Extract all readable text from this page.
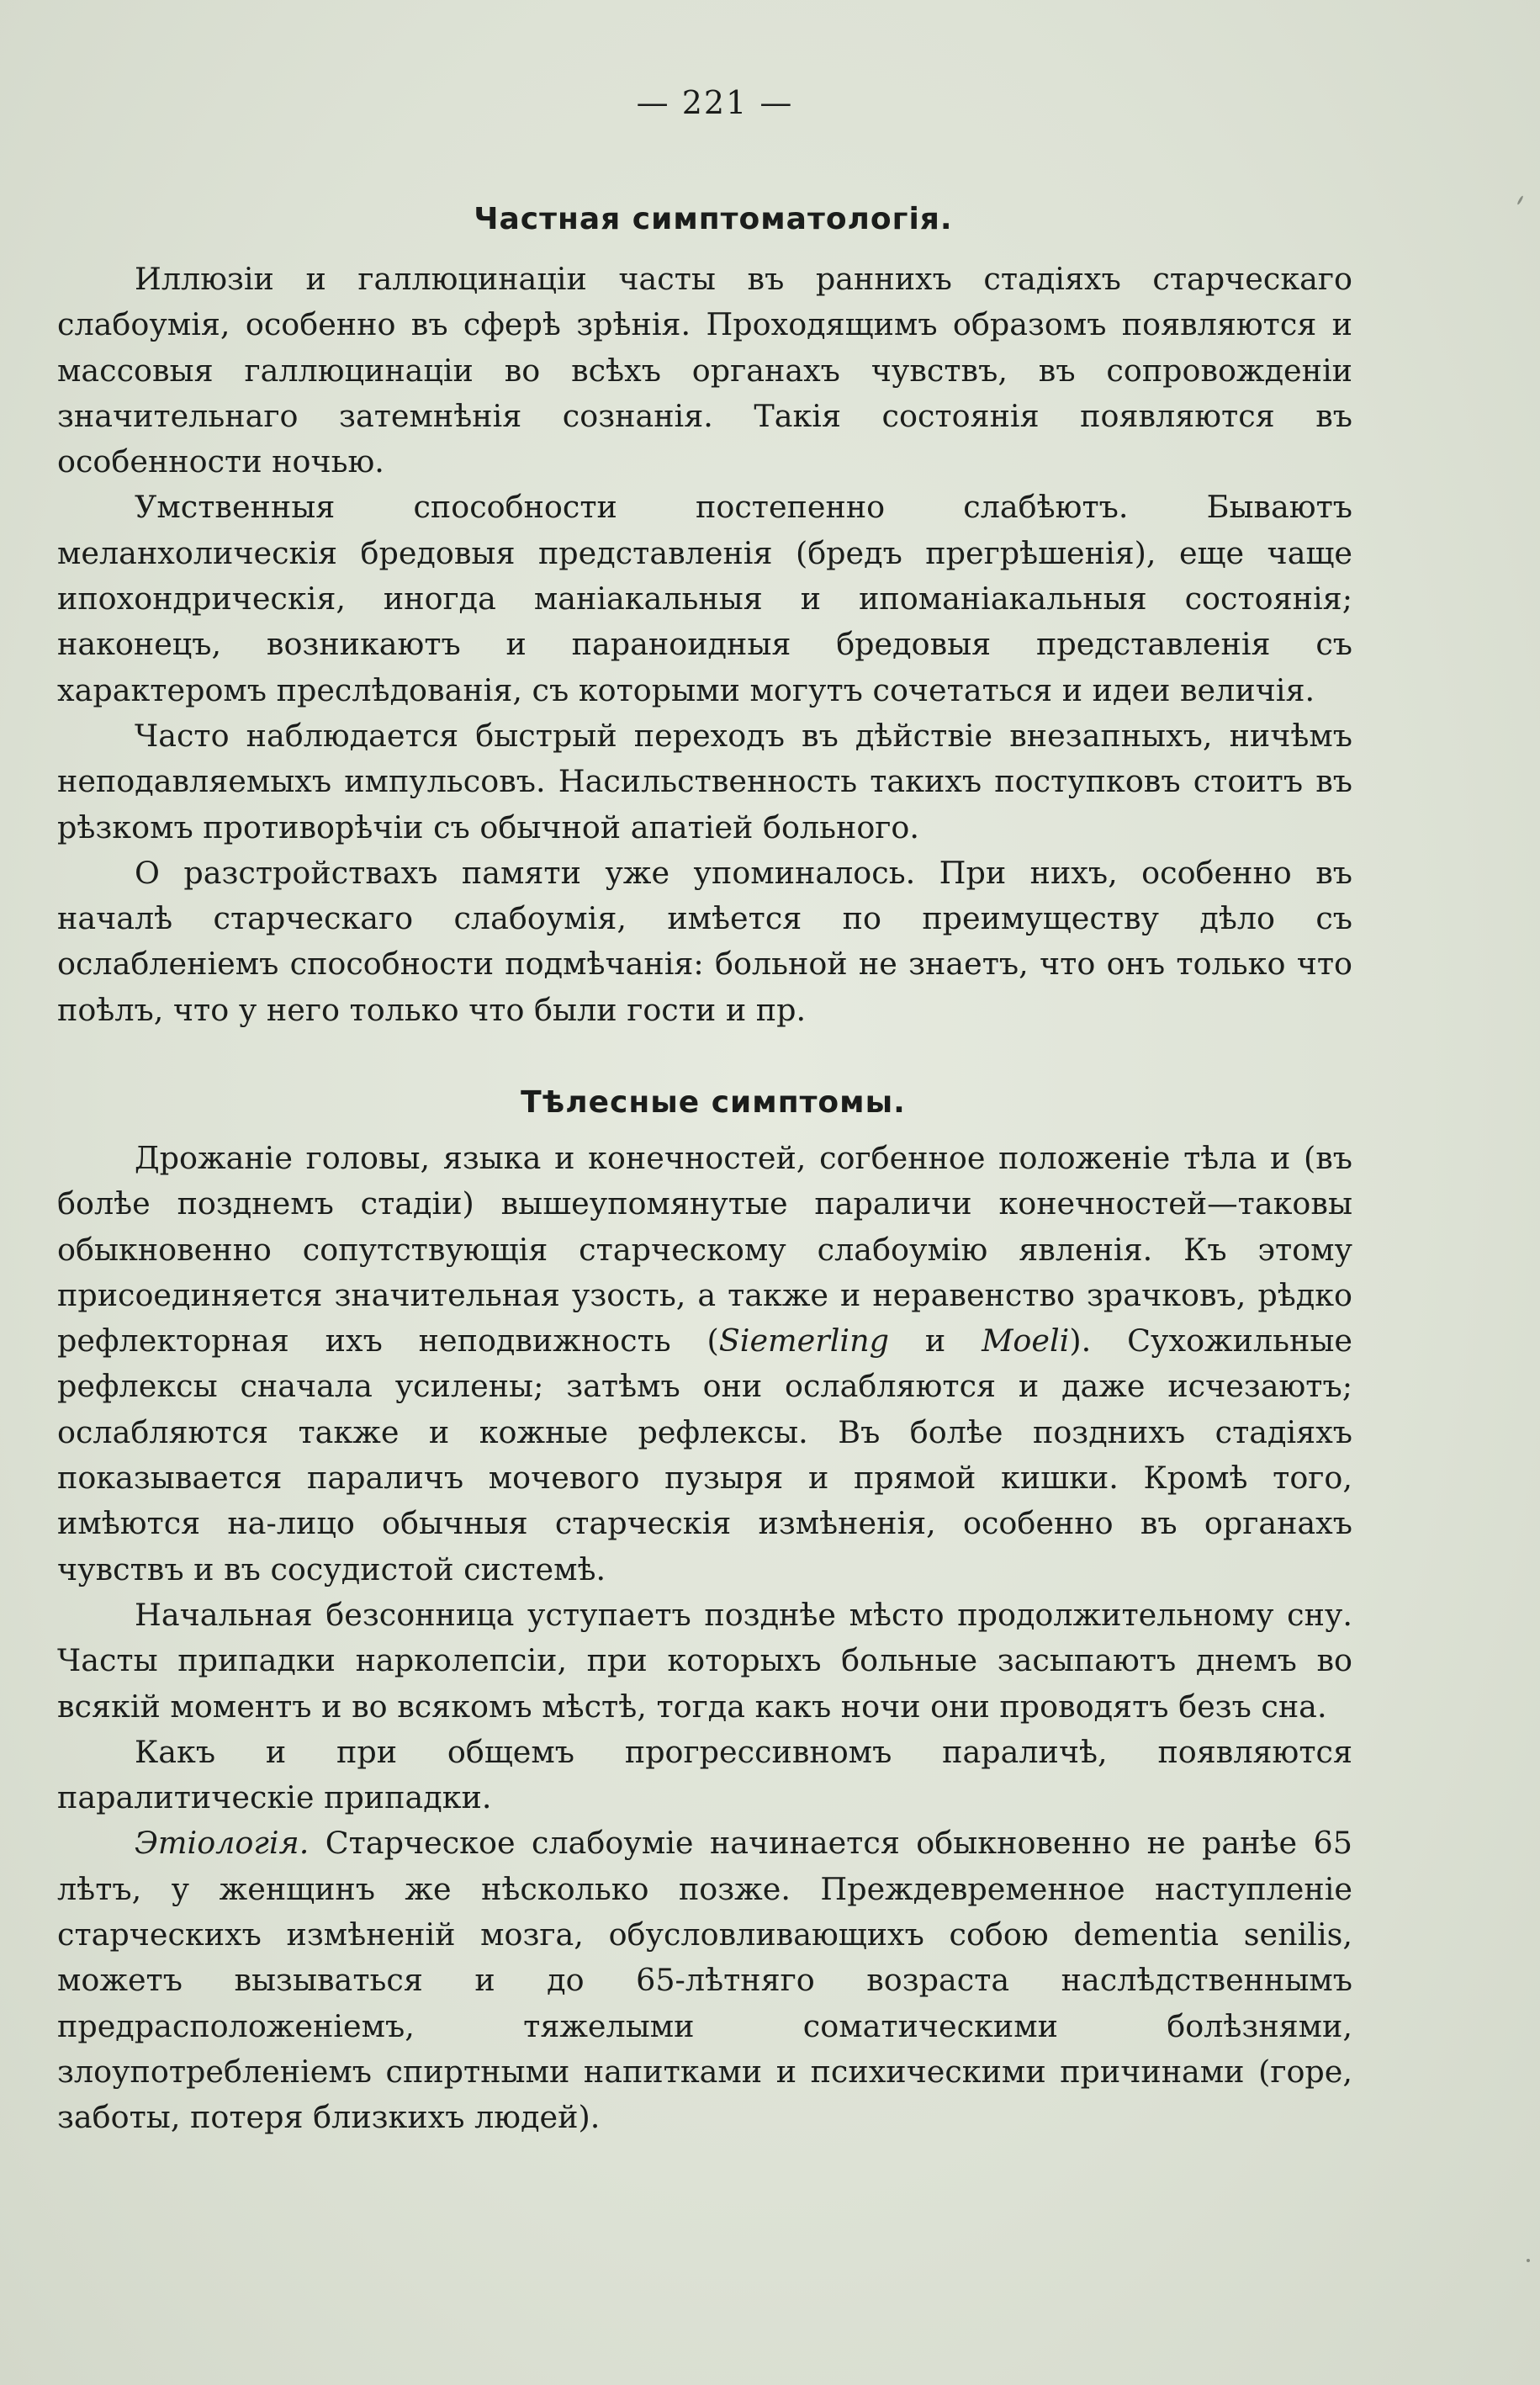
— 221 —
Частная симптоматологія.

Иллюзіи и галлюцинаціи часты въ раннихъ стадіяхъ старческаго слабоумія, особенно въ сферѣ зрѣнія. Проходящимъ образомъ появляются и массовыя галлюцинаціи во всѣхъ органахъ чувствъ, въ сопровожденіи значительнаго затемнѣнія сознанія. Такія состоянія появляются въ особенности ночью.

Умственныя способности постепенно слабѣютъ. Бываютъ меланхолическія бредовыя представленія (бредъ прегрѣшенія), еще чаще ипохондрическія, иногда маніакальныя и ипоманіакальныя состоянія; наконецъ, возникаютъ и параноидныя бредовыя представленія съ характеромъ преслѣдованія, съ которыми могутъ сочетаться и идеи величія.

Часто наблюдается быстрый переходъ въ дѣйствіе внезапныхъ, ничѣмъ неподавляемыхъ импульсовъ. Насильственность такихъ поступковъ стоитъ въ рѣзкомъ противорѣчіи съ обычной апатіей больного.

О разстройствахъ памяти уже упоминалось. При нихъ, особенно въ началѣ старческаго слабоумія, имѣется по преимуществу дѣло съ ослабленіемъ способности подмѣчанія: больной не знаетъ, что онъ только что поѣлъ, что у него только что были гости и пр.

Тѣлесные симптомы.

Дрожаніе головы, языка и конечностей, согбенное положеніе тѣла и (въ болѣе позднемъ стадіи) вышеупомянутые параличи конечностей—таковы обыкновенно сопутствующія старческому слабоумію явленія. Къ этому присоединяется значительная узость, а также и неравенство зрачковъ, рѣдко рефлекторная ихъ неподвижность (Siemerling и Moeli). Сухожильные рефлексы сначала усилены; затѣмъ они ослабляются и даже исчезаютъ; ослабляются также и кожные рефлексы. Въ болѣе позднихъ стадіяхъ показывается параличъ мочевого пузыря и прямой кишки. Кромѣ того, имѣются на-лицо обычныя старческія измѣненія, особенно въ органахъ чувствъ и въ сосудистой системѣ.

Начальная безсонница уступаетъ позднѣе мѣсто продолжительному сну. Часты припадки нарколепсіи, при которыхъ больные засыпаютъ днемъ во всякій моментъ и во всякомъ мѣстѣ, тогда какъ ночи они проводятъ безъ сна.

Какъ и при общемъ прогрессивномъ параличѣ, появляются паралитическіе припадки.

Этіологія. Старческое слабоуміе начинается обыкновенно не ранѣе 65 лѣтъ, у женщинъ же нѣсколько позже. Преждевременное наступленіе старческихъ измѣненій мозга, обусловливающихъ собою dementia senilis, можетъ вызываться и до 65-лѣтняго возраста наслѣдственнымъ предрасположеніемъ, тяжелыми соматическими болѣзнями, злоупотребленіемъ спиртными напитками и психическими причинами (горе, заботы, потеря близкихъ людей).
